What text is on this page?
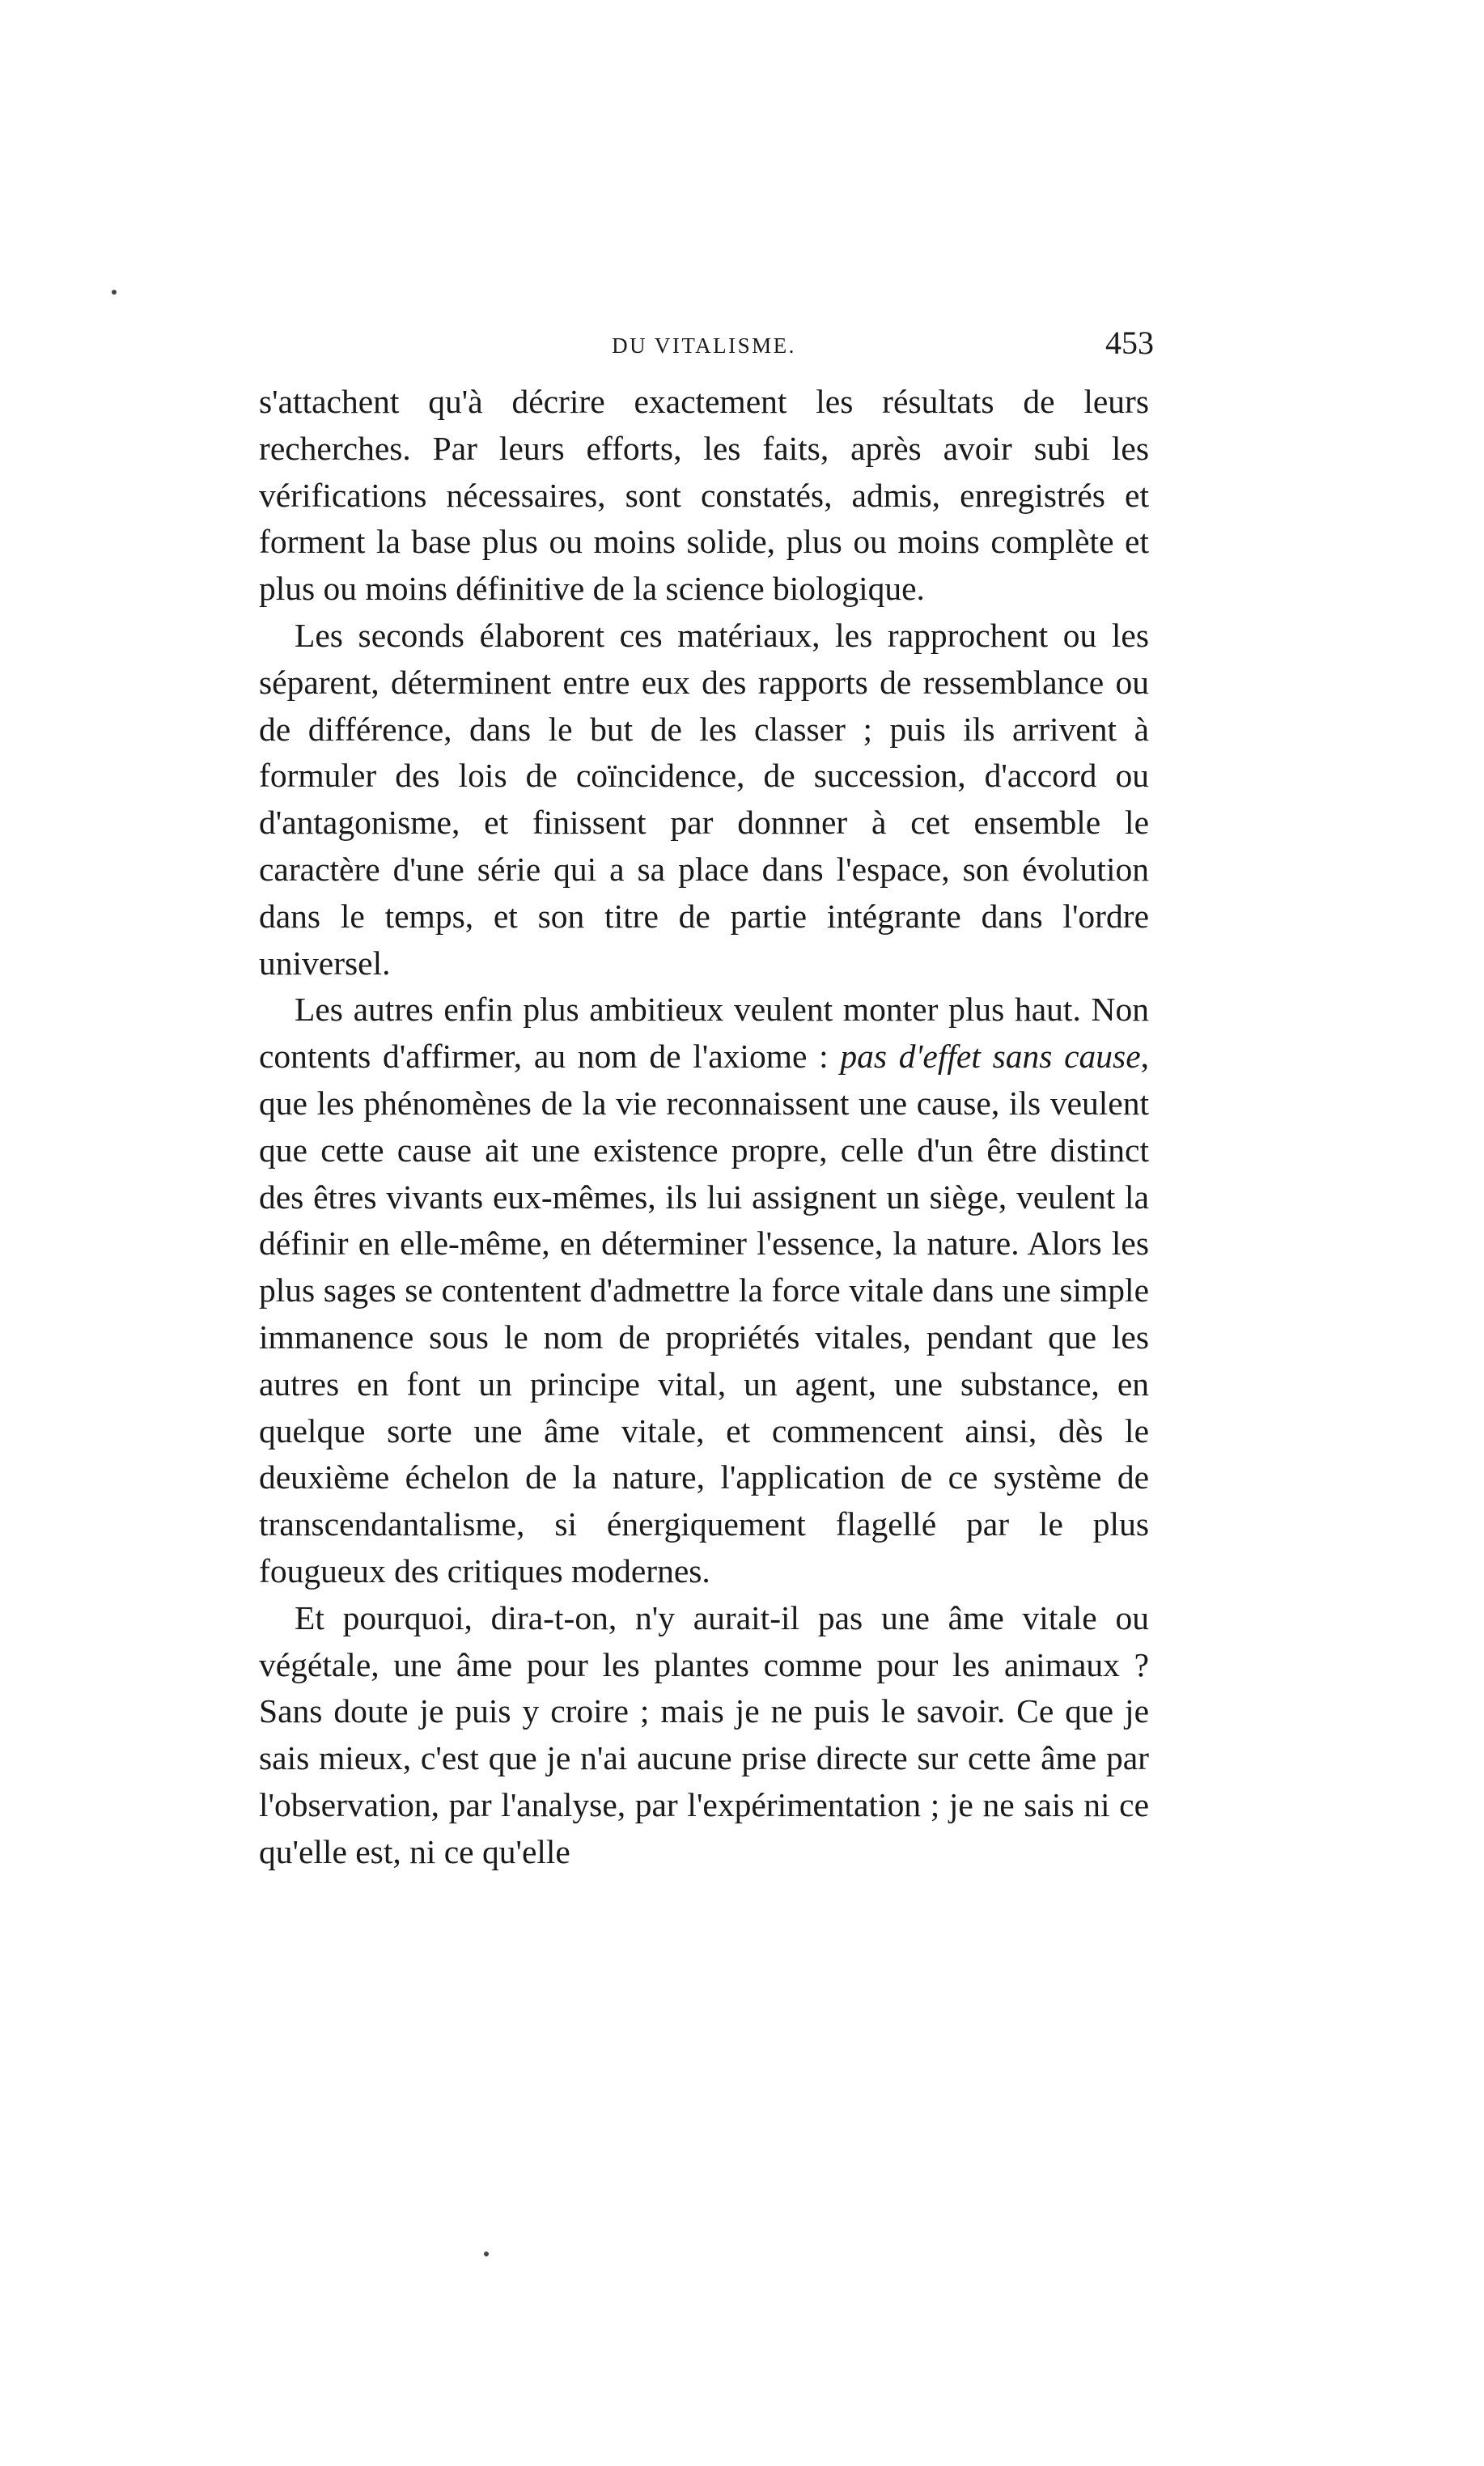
DU VITALISME.	453

s'attachent qu'à décrire exactement les résultats de leurs recherches. Par leurs efforts, les faits, après avoir subi les vérifications nécessaires, sont constatés, admis, enregistrés et forment la base plus ou moins solide, plus ou moins complète et plus ou moins définitive de la science biologique.

Les seconds élaborent ces matériaux, les rapprochent ou les séparent, déterminent entre eux des rapports de ressemblance ou de différence, dans le but de les classer ; puis ils arrivent à formuler des lois de coïncidence, de succession, d'accord ou d'antagonisme, et finissent par donnner à cet ensemble le caractère d'une série qui a sa place dans l'espace, son évolution dans le temps, et son titre de partie intégrante dans l'ordre universel.

Les autres enfin plus ambitieux veulent monter plus haut. Non contents d'affirmer, au nom de l'axiome : pas d'effet sans cause, que les phénomènes de la vie reconnaissent une cause, ils veulent que cette cause ait une existence propre, celle d'un être distinct des êtres vivants eux-mêmes, ils lui assignent un siège, veulent la définir en elle-même, en déterminer l'essence, la nature. Alors les plus sages se contentent d'admettre la force vitale dans une simple immanence sous le nom de propriétés vitales, pendant que les autres en font un principe vital, un agent, une substance, en quelque sorte une âme vitale, et commencent ainsi, dès le deuxième échelon de la nature, l'application de ce système de transcendantalisme, si énergiquement flagellé par le plus fougueux des critiques modernes.

Et pourquoi, dira-t-on, n'y aurait-il pas une âme vitale ou végétale, une âme pour les plantes comme pour les animaux ? Sans doute je puis y croire ; mais je ne puis le savoir. Ce que je sais mieux, c'est que je n'ai aucune prise directe sur cette âme par l'observation, par l'analyse, par l'expérimentation ; je ne sais ni ce qu'elle est, ni ce qu'elle
